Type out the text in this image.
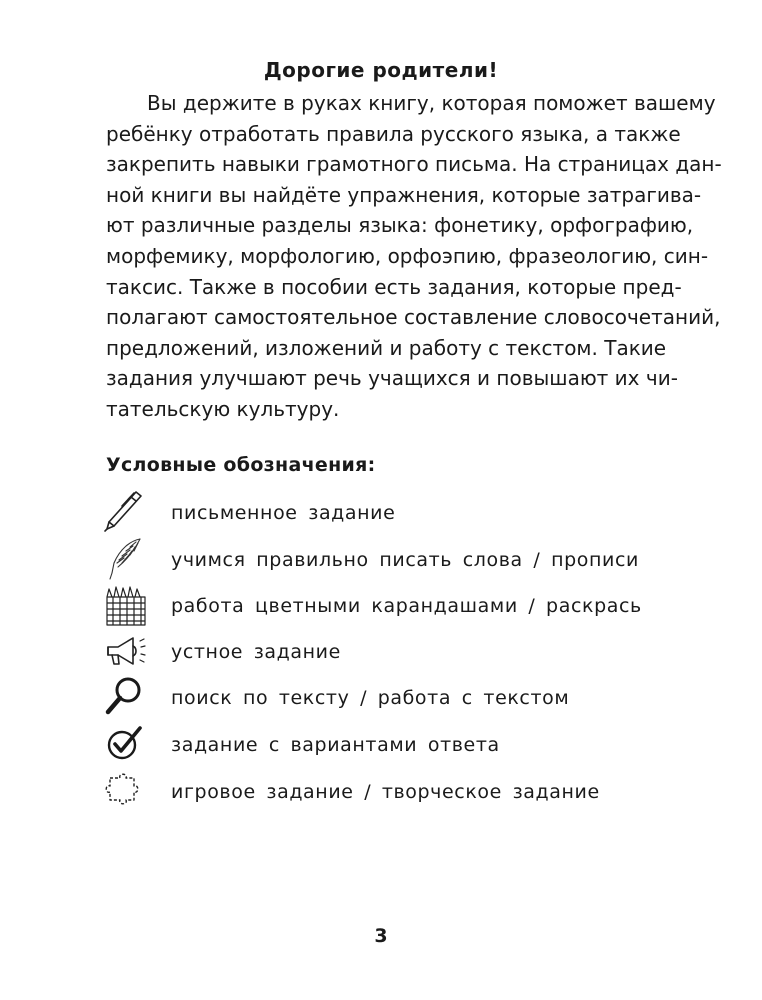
Дорогие родители!
Вы держите в руках книгу, которая поможет вашему
ребёнку отработать правила русского языка, а также
закрепить навыки грамотного письма. На страницах дан-
ной книги вы найдёте упражнения, которые затрагива-
ют различные разделы языка: фонетику, орфографию,
морфемику, морфологию, орфоэпию, фразеологию, син-
таксис. Также в пособии есть задания, которые пред-
полагают самостоятельное составление словосочетаний,
предложений, изложений и работу с текстом. Такие
задания улучшают речь учащихся и повышают их чи-
тательскую культуру.
Условные обозначения:
письменное задание
учимся правильно писать слова / прописи
работа цветными карандашами / раскрась
устное задание
поиск по тексту / работа с текстом
задание с вариантами ответа
игровое задание / творческое задание
3
